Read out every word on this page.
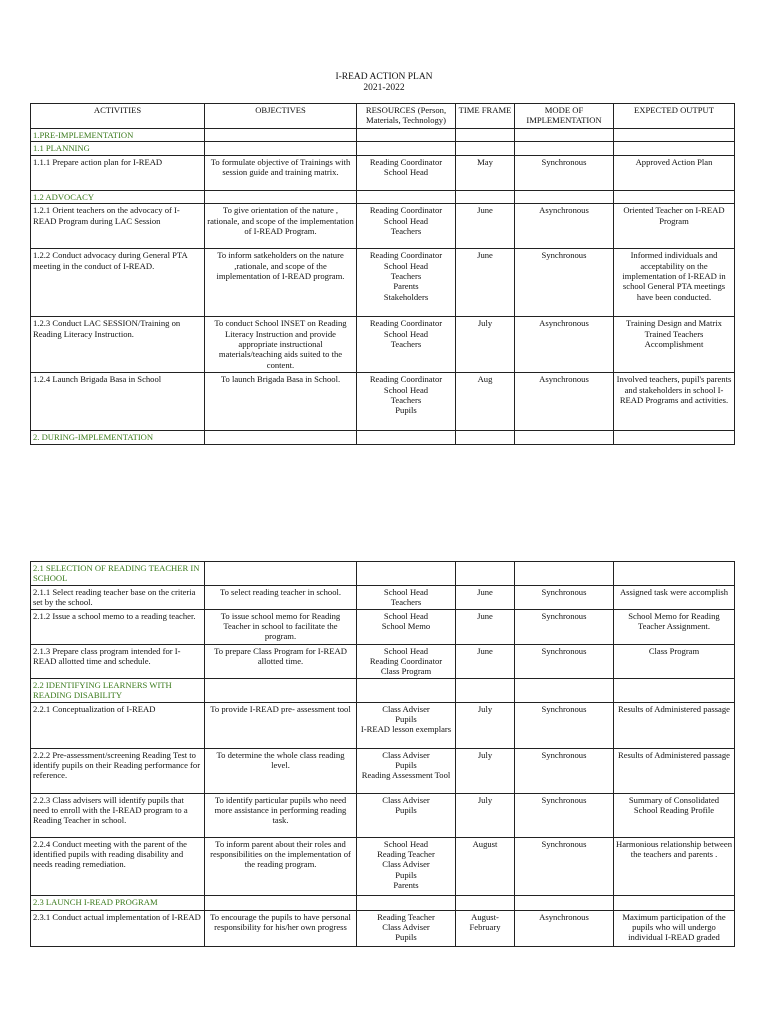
I-READ ACTION PLAN
2021-2022
ACTIVITIES	OBJECTIVES	RESOURCES (Person, Materials, Technology)	TIME FRAME	MODE OF IMPLEMENTATION	EXPECTED OUTPUT
1.PRE-IMPLEMENTATION					
1.1 PLANNING					
1.1.1 Prepare action plan for I-READ	To formulate objective of Trainings with session guide and training matrix.	Reading Coordinator
School Head	May	Synchronous	Approved Action Plan
1.2 ADVOCACY					
1.2.1 Orient teachers on the advocacy of I-READ Program during LAC Session	To give orientation of the nature , rationale, and scope of the implementation of I-READ Program.	Reading Coordinator
School Head
Teachers	June	Asynchronous	Oriented Teacher on I-READ Program
1.2.2 Conduct advocacy during General PTA meeting in the conduct of I-READ.	To inform satkeholders on the nature ,rationale, and scope of the implementation of I-READ program.	Reading Coordinator
School Head
Teachers
Parents
Stakeholders	June	Synchronous	Informed individuals and acceptability on the implementation of I-READ in school General PTA meetings have been conducted.
1.2.3 Conduct LAC SESSION/Training on Reading Literacy Instruction.	To conduct School INSET on Reading Literacy Instruction and provide appropriate instructional materials/teaching aids suited to the content.	Reading Coordinator
School Head
Teachers	July	Asynchronous	Training Design and Matrix
Trained Teachers
Accomplishment
1.2.4 Launch Brigada Basa in School	To launch Brigada Basa in School.	Reading Coordinator
School Head
Teachers
Pupils	Aug	Asynchronous	Involved teachers, pupil's parents and stakeholders in school I-READ Programs and activities.
2. DURING-IMPLEMENTATION					
2.1 SELECTION OF READING TEACHER IN SCHOOL					
2.1.1 Select reading teacher base on the criteria set by the school.	To select reading teacher in school.	School Head
Teachers	June	Synchronous	Assigned task were accomplish
2.1.2 Issue a school memo to a reading teacher.	To issue school memo for Reading Teacher in school to facilitate the program.	School Head
School Memo	June	Synchronous	School Memo for Reading Teacher Assignment.
2.1.3 Prepare class program intended for I-READ allotted time and schedule.	To prepare Class Program for I-READ allotted time.	School Head
Reading Coordinator
Class Program	June	Synchronous	Class Program
2.2 IDENTIFYING LEARNERS WITH READING DISABILITY					
2.2.1 Conceptualization of I-READ	To provide I-READ pre- assessment tool	Class Adviser
Pupils
I-READ lesson exemplars	July	Synchronous	Results of Administered passage
2.2.2 Pre-assessment/screening Reading Test to identify pupils on their Reading performance for reference.	To determine the whole class reading level.	Class Adviser
Pupils
Reading Assessment Tool	July	Synchronous	Results of Administered passage
2.2.3 Class advisers will identify pupils that need to enroll with the I-READ program to a Reading Teacher in school.	To identify particular pupils who need more assistance in performing reading task.	Class Adviser
Pupils	July	Synchronous	Summary of Consolidated School Reading Profile
2.2.4 Conduct meeting with the parent of the identified pupils with reading disability and needs reading remediation.	To inform parent about their roles and responsibilities on the implementation of the reading program.	School Head
Reading Teacher
Class Adviser
Pupils
Parents	August	Synchronous	Harmonious relationship between the teachers and parents .
2.3 LAUNCH I-READ PROGRAM					
2.3.1 Conduct actual implementation of I-READ	To encourage the pupils to have personal responsibility for his/her own progress	Reading Teacher
Class Adviser
Pupils	August-February	Asynchronous	Maximum participation of the pupils who will undergo individual I-READ graded
